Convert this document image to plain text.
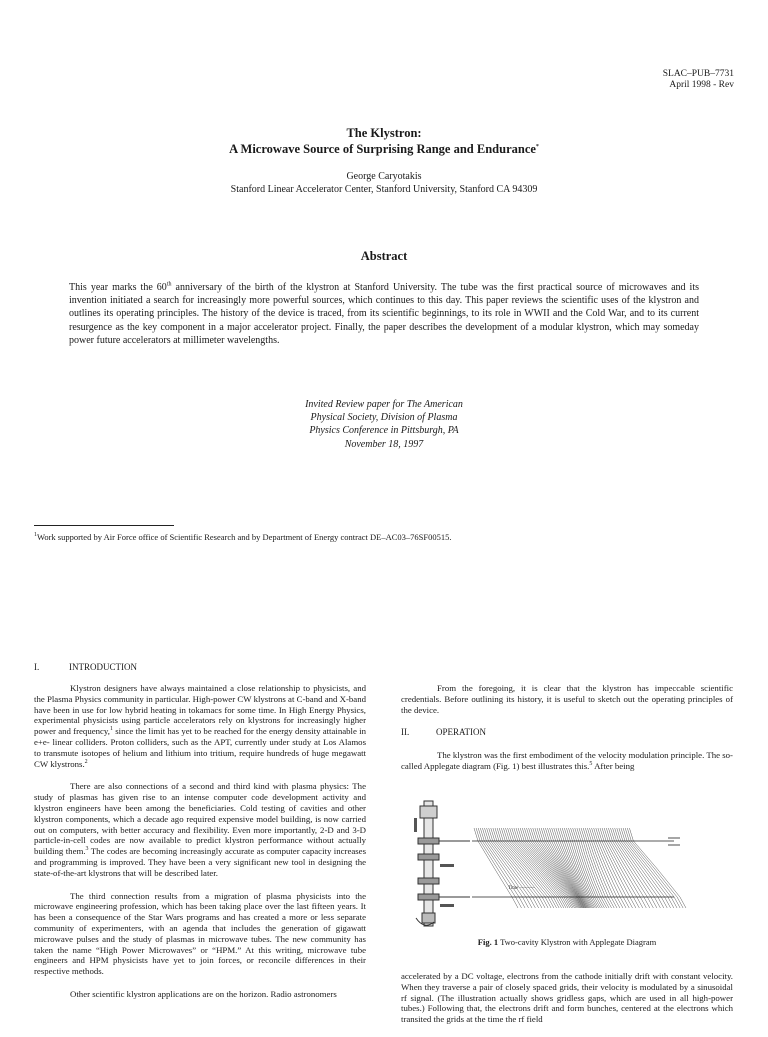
SLAC–PUB–7731
April 1998 - Rev
The Klystron:
A Microwave Source of Surprising Range and Endurance*
George Caryotakis
Stanford Linear Accelerator Center, Stanford University, Stanford CA 94309
Abstract
This year marks the 60th anniversary of the birth of the klystron at Stanford University. The tube was the first practical source of microwaves and its invention initiated a search for increasingly more powerful sources, which continues to this day. This paper reviews the scientific uses of the klystron and outlines its operating principles. The history of the device is traced, from its scientific beginnings, to its role in WWII and the Cold War, and to its current resurgence as the key component in a major accelerator project. Finally, the paper describes the development of a modular klystron, which may someday power future accelerators at millimeter wavelengths.
Invited Review paper for The American
Physical Society, Division of Plasma
Physics Conference in Pittsburgh, PA
November 18, 1997
$^1$Work supported by Air Force office of Scientific Research and by Department of Energy contract DE–AC03–76SF00515.
I.	INTRODUCTION

Klystron designers have always maintained a close relationship to physicists, and the Plasma Physics community in particular. High-power CW klystrons at C-band and X-band have been in use for low hybrid heating in tokamacs for some time. In High Energy Physics, experimental physicists using particle accelerators rely on klystrons for increasingly higher power and frequency,$^1$ since the limit has yet to be reached for the energy density attainable in e+e- linear colliders. Proton colliders, such as the APT, currently under study at Los Alamos to transmute isotopes of helium and lithium into tritium, require hundreds of huge megawatt CW klystrons.$^2$

There are also connections of a second and third kind with plasma physics: The study of plasmas has given rise to an intense computer code development activity and klystron engineers have been among the beneficiaries. Cold testing of cavities and other klystron components, which a decade ago required expensive model building, is now carried out on computers, with better accuracy and flexibility. Even more importantly, 2-D and 3-D particle-in-cell codes are now available to predict klystron performance without actually building them.$^3$ The codes are becoming increasingly accurate as computer capacity increases and programming is improved. They have been a very significant new tool in designing the state-of-the-art klystrons that will be described later.

The third connection results from a migration of plasma physicists into the microwave engineering profession, which has been taking place over the last fifteen years. It has been a consequence of the Star Wars programs and has created a more or less separate community of experimenters, with an agenda that includes the generation of gigawatt microwave pulses and the study of plasmas in microwave tubes. The new community has taken the name “High Power Microwaves” or “HPM.” At this writing, microwave tube engineers and HPM physicists have yet to join forces, or reconcile differences in their respective methods.

Other scientific klystron applications are on the horizon. Radio astronomers

From the foregoing, it is clear that the klystron has impeccable scientific credentials. Before outlining its history, it is useful to sketch out the operating principles of the device.

II.	OPERATION

The klystron was the first embodiment of the velocity modulation principle. The so-called Applegate diagram (Fig. 1) best illustrates this.$^5$ After being

Time ———
Fig. 1 Two-cavity Klystron with Applegate Diagram

accelerated by a DC voltage, electrons from the cathode initially drift with constant velocity. When they traverse a pair of closely spaced grids, their velocity is modulated by a sinusoidal rf signal. (The illustration actually shows gridless gaps, which are used in all high-power tubes.) Following that, the electrons drift and form bunches, centered at the electrons which transited the grids at the time the rf field
